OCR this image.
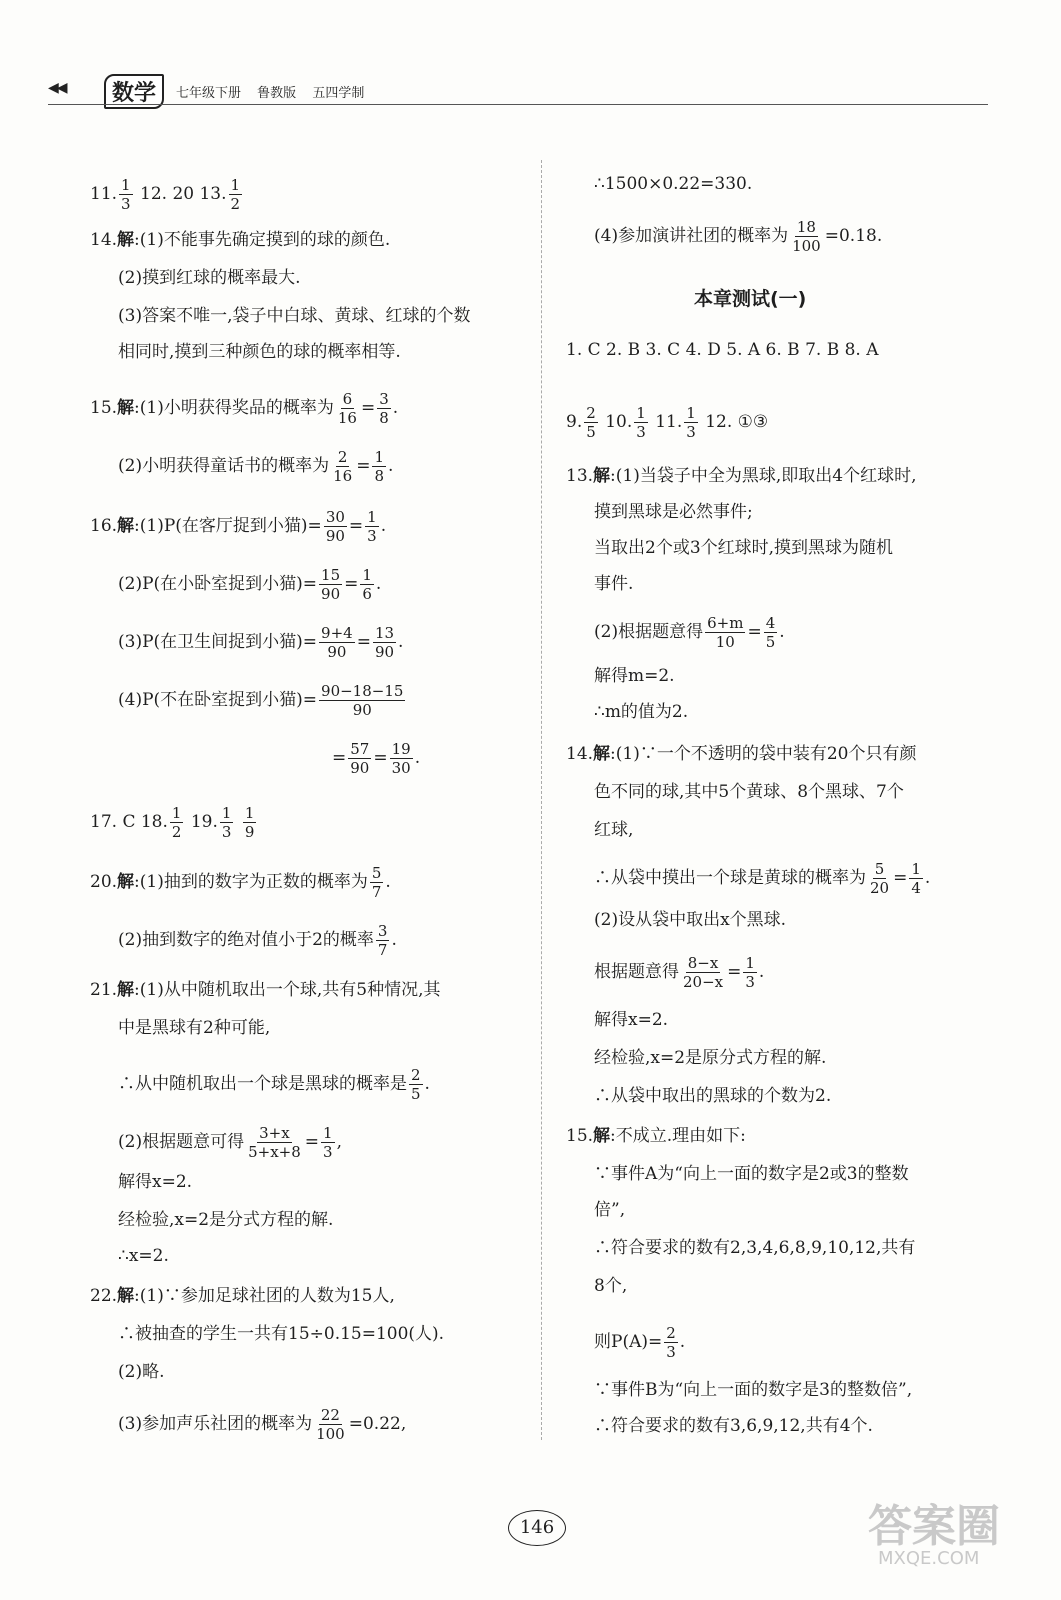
◀◀	数学	七年级下册 鲁教版 五四学制
11. $\frac{1}{3} 12$. 20 13. $\frac{1}{2}$
14.解:(1)不能事先确定摸到的球的颜色.
(2)摸到红球的概率最大.
(3)答案不唯一,袋子中白球、黄球、红球的个数
相同时,摸到三种颜色的球的概率相等.
15.解:(1)小明获得奖品的概率为 $\frac{6}{16} = \frac{3}{8}$ .
(2)小明获得童话书的概率为 $\frac{2}{16} = \frac{1}{8}$ .
16.解:(1)P(在客厅捉到小猫)= $\frac{30}{90} = \frac{1}{3}$ .
(2)P(在小卧室捉到小猫)= $\frac{15}{90} = \frac{1}{6}$ .
(3)P(在卫生间捉到小猫)= $\frac{9+4}{90} = \frac{13}{90}$ .
(4)P(不在卧室捉到小猫)= $\frac{90-18-15}{90}$
= $\frac{57}{90} = \frac{19}{30}$ .
17. C 18. $\frac{1}{2} 19$. $\frac{1}{3}$
$\frac{1}{9}$
20.解:(1)抽到的数字为正数的概率为 $\frac{5}{7}$ .
(2)抽到数字的绝对值小于2的概率 $\frac{3}{7}$ .
21.解:(1)从中随机取出一个球,共有5种情况,其
中是黑球有2种可能,
∴从中随机取出一个球是黑球的概率是 $\frac{2}{5}$ .
(2)根据题意可得 $\frac{3+x}{5+x+8} = \frac{1}{3}$ ,
解得x=2.
经检验,x=2是分式方程的解.
∴x=2.
22.解:(1)∵参加足球社团的人数为15人,
∴被抽查的学生一共有15÷0.15=100(人).
(2)略.
(3)参加声乐社团的概率为 $\frac{22}{100} =0.22$,
∴1500×0.22=330.
(4)参加演讲社团的概率为 $\frac{18}{100} =0.18$.
本章测试(一)
1. C 2. B 3. C 4. D 5. A 6. B 7. B 8. A
9. $\frac{2}{5} 10$. $\frac{1}{3} 11$. $\frac{1}{3} 12$. ①③
13.解:(1)当袋子中全为黑球,即取出4个红球时,
摸到黑球是必然事件;
当取出2个或3个红球时,摸到黑球为随机
事件.
(2)根据题意得 $\frac{6+m}{10} = \frac{4}{5}$ .
解得m=2.
∴m的值为2.
14.解:(1)∵一个不透明的袋中装有20个只有颜
色不同的球,其中5个黄球、8个黑球、7个
红球,
∴从袋中摸出一个球是黄球的概率为 $\frac{5}{20} = \frac{1}{4}$ .
(2)设从袋中取出x个黑球.
根据题意得 $\frac{8-x}{20-x} = \frac{1}{3}$ .
解得x=2.
经检验,x=2是原分式方程的解.
∴从袋中取出的黑球的个数为2.
15.解:不成立.理由如下:
∵事件A为“向上一面的数字是2或3的整数
倍”,
∴符合要求的数有2,3,4,6,8,9,10,12,共有
8个,
则$P(A)= \frac{2}{3}$ .
∵事件B为“向上一面的数字是3的整数倍”,
∴符合要求的数有3,6,9,12,共有4个.
146	答案圈
MXQE.COM
